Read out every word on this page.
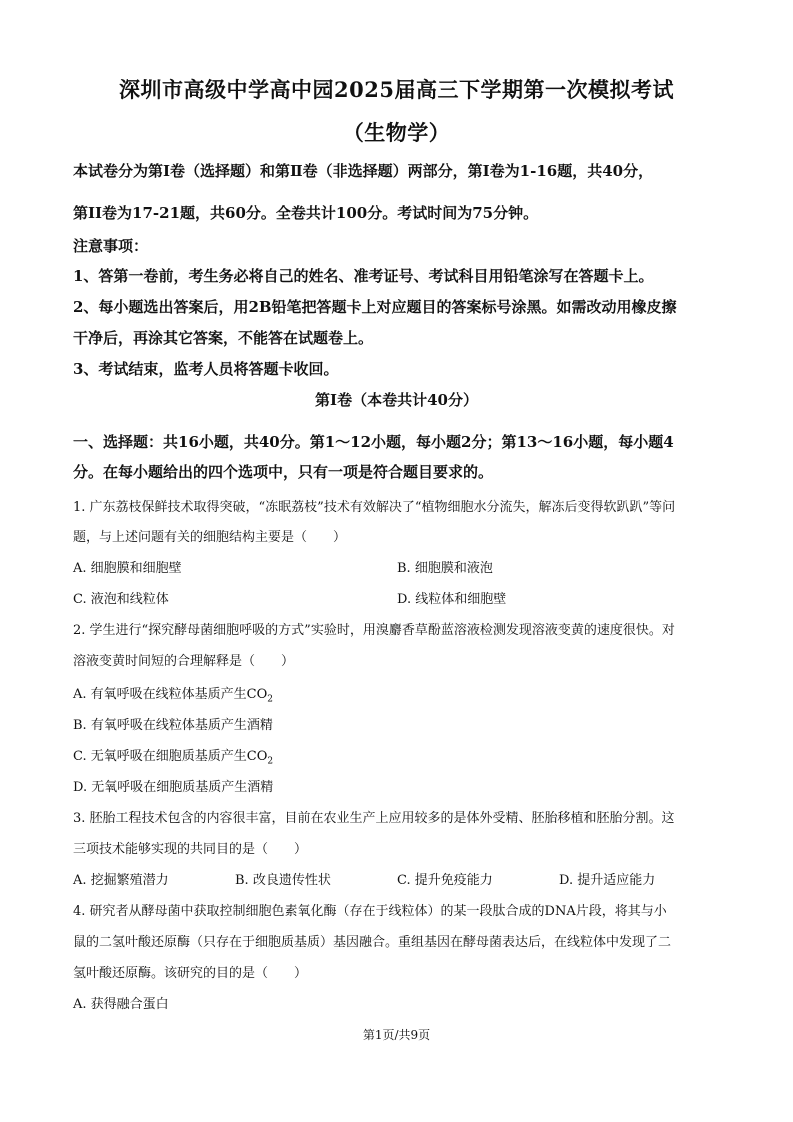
深圳市高级中学高中园2025届高三下学期第一次模拟考试
（生物学）
本试卷分为第Ⅰ卷（选择题）和第Ⅱ卷（非选择题）两部分，第Ⅰ卷为1-16题，共40分，
第II卷为17-21题，共60分。全卷共计100分。考试时间为75分钟。
注意事项：
1、答第一卷前，考生务必将自己的姓名、准考证号、考试科目用铅笔涂写在答题卡上。
2、每小题选出答案后，用2B铅笔把答题卡上对应题目的答案标号涂黑。如需改动用橡皮擦
干净后，再涂其它答案，不能答在试题卷上。
3、考试结束，监考人员将答题卡收回。
第Ⅰ卷（本卷共计40分）
一、选择题：共16小题，共40分。第1～12小题，每小题2分；第13～16小题，每小题4
分。在每小题给出的四个选项中，只有一项是符合题目要求的。
1. 广东荔枝保鲜技术取得突破，“冻眠荔枝”技术有效解决了“植物细胞水分流失，解冻后变得软趴趴”等问
题，与上述问题有关的细胞结构主要是（　　）
A. 细胞膜和细胞壁	B. 细胞膜和液泡
C. 液泡和线粒体	D. 线粒体和细胞壁
2. 学生进行“探究酵母菌细胞呼吸的方式”实验时，用溴麝香草酚蓝溶液检测发现溶液变黄的速度很快。对
溶液变黄时间短的合理解释是（　　）
A. 有氧呼吸在线粒体基质产生$CO_2$
B. 有氧呼吸在线粒体基质产生酒精
C. 无氧呼吸在细胞质基质产生$CO_2$
D. 无氧呼吸在细胞质基质产生酒精
3. 胚胎工程技术包含的内容很丰富，目前在农业生产上应用较多的是体外受精、胚胎移植和胚胎分割。这
三项技术能够实现的共同目的是（　　）
A. 挖掘繁殖潜力	B. 改良遗传性状	C. 提升免疫能力	D. 提升适应能力
4. 研究者从酵母菌中获取控制细胞色素氧化酶（存在于线粒体）的某一段肽合成的DNA片段，将其与小
鼠的二氢叶酸还原酶（只存在于细胞质基质）基因融合。重组基因在酵母菌表达后，在线粒体中发现了二
氢叶酸还原酶。该研究的目的是（　　）
A. 获得融合蛋白
第1页/共9页
